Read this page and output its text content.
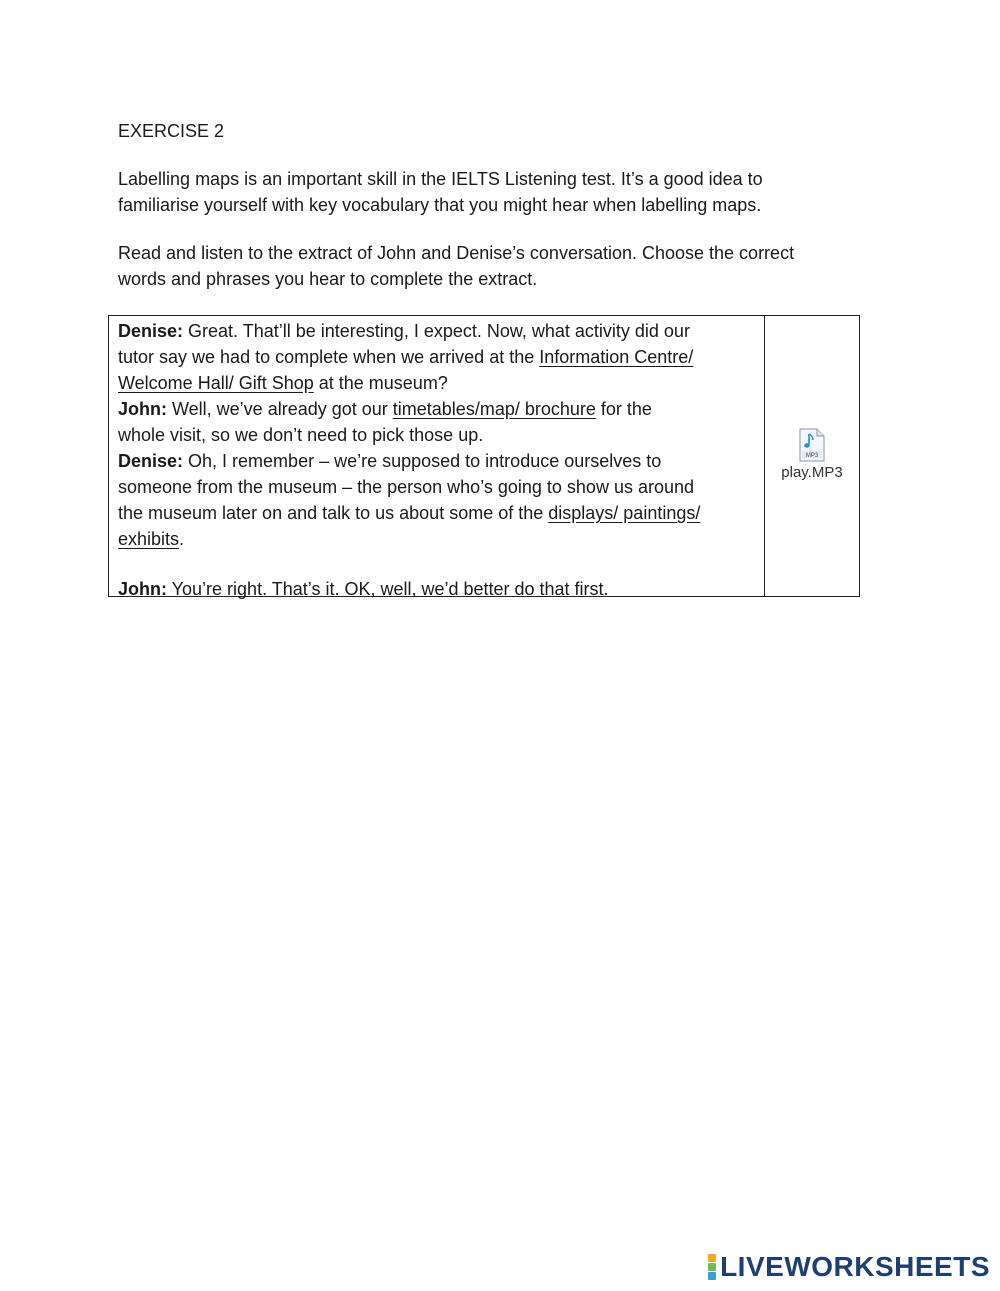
EXERCISE 2

Labelling maps is an important skill in the IELTS Listening test. It’s a good idea to

familiarise yourself with key vocabulary that you might hear when labelling maps.

Read and listen to the extract of John and Denise’s conversation. Choose the correct

words and phrases you hear to complete the extract.

Denise: Great. That’ll be interesting, I expect. Now, what activity did our

tutor say we had to complete when we arrived at the Information Centre/

Welcome Hall/ Gift Shop at the museum?

John: Well, we’ve already got our timetables/map/ brochure for the

whole visit, so we don’t need to pick those up.

Denise: Oh, I remember – we’re supposed to introduce ourselves to

someone from the museum – the person who’s going to show us around

the museum later on and talk to us about some of the displays/ paintings/

exhibits.

John: You’re right. That’s it. OK, well, we’d better do that first.

MP3
play.MP3
LIVEWORKSHEETS
